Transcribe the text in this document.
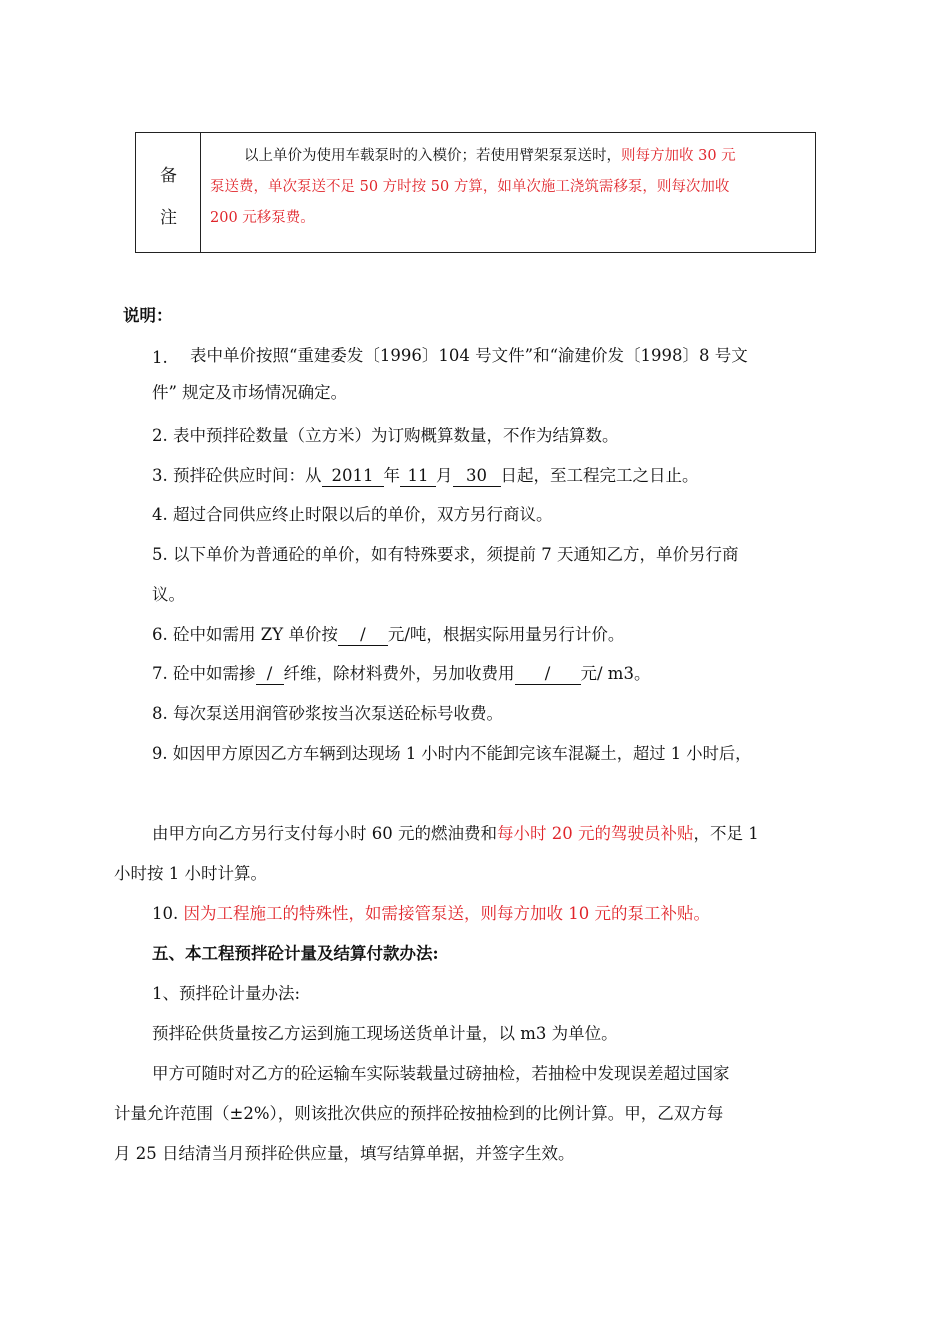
备
注
以上单价为使用车载泵时的入模价；若使用臂架泵泵送时，则每方加收 30 元
泵送费，单次泵送不足 50 方时按 50 方算，如单次施工浇筑需移泵，则每次加收
200 元移泵费。
说明：
1. 表中单价按照“重建委发〔1996〕104 号文件”和“渝建价发〔1998〕8 号文
件” 规定及市场情况确定。
2. 表中预拌砼数量（立方米）为订购概算数量，不作为结算数。
3. 预拌砼供应时间：从 2011 年 11 月 30 日起，至工程完工之日止。
4. 超过合同供应终止时限以后的单价，双方另行商议。
5. 以下单价为普通砼的单价，如有特殊要求，须提前 7 天通知乙方，单价另行商
议。
6. 砼中如需用 ZY 单价按 / 元/吨，根据实际用量另行计价。
7. 砼中如需掺 / 纤维，除材料费外，另加收费用 / 元/ m3。
8. 每次泵送用润管砂浆按当次泵送砼标号收费。
9. 如因甲方原因乙方车辆到达现场 1 小时内不能卸完该车混凝土，超过 1 小时后，
由甲方向乙方另行支付每小时 60 元的燃油费和每小时 20 元的驾驶员补贴，不足 1
小时按 1 小时计算。
10. 因为工程施工的特殊性，如需接管泵送，则每方加收 10 元的泵工补贴。
五、本工程预拌砼计量及结算付款办法:
1、预拌砼计量办法:
预拌砼供货量按乙方运到施工现场送货单计量，以 m3 为单位。
甲方可随时对乙方的砼运输车实际装载量过磅抽检，若抽检中发现误差超过国家
计量允许范围（±2%），则该批次供应的预拌砼按抽检到的比例计算。甲，乙双方每
月 25 日结清当月预拌砼供应量，填写结算单据，并签字生效。
